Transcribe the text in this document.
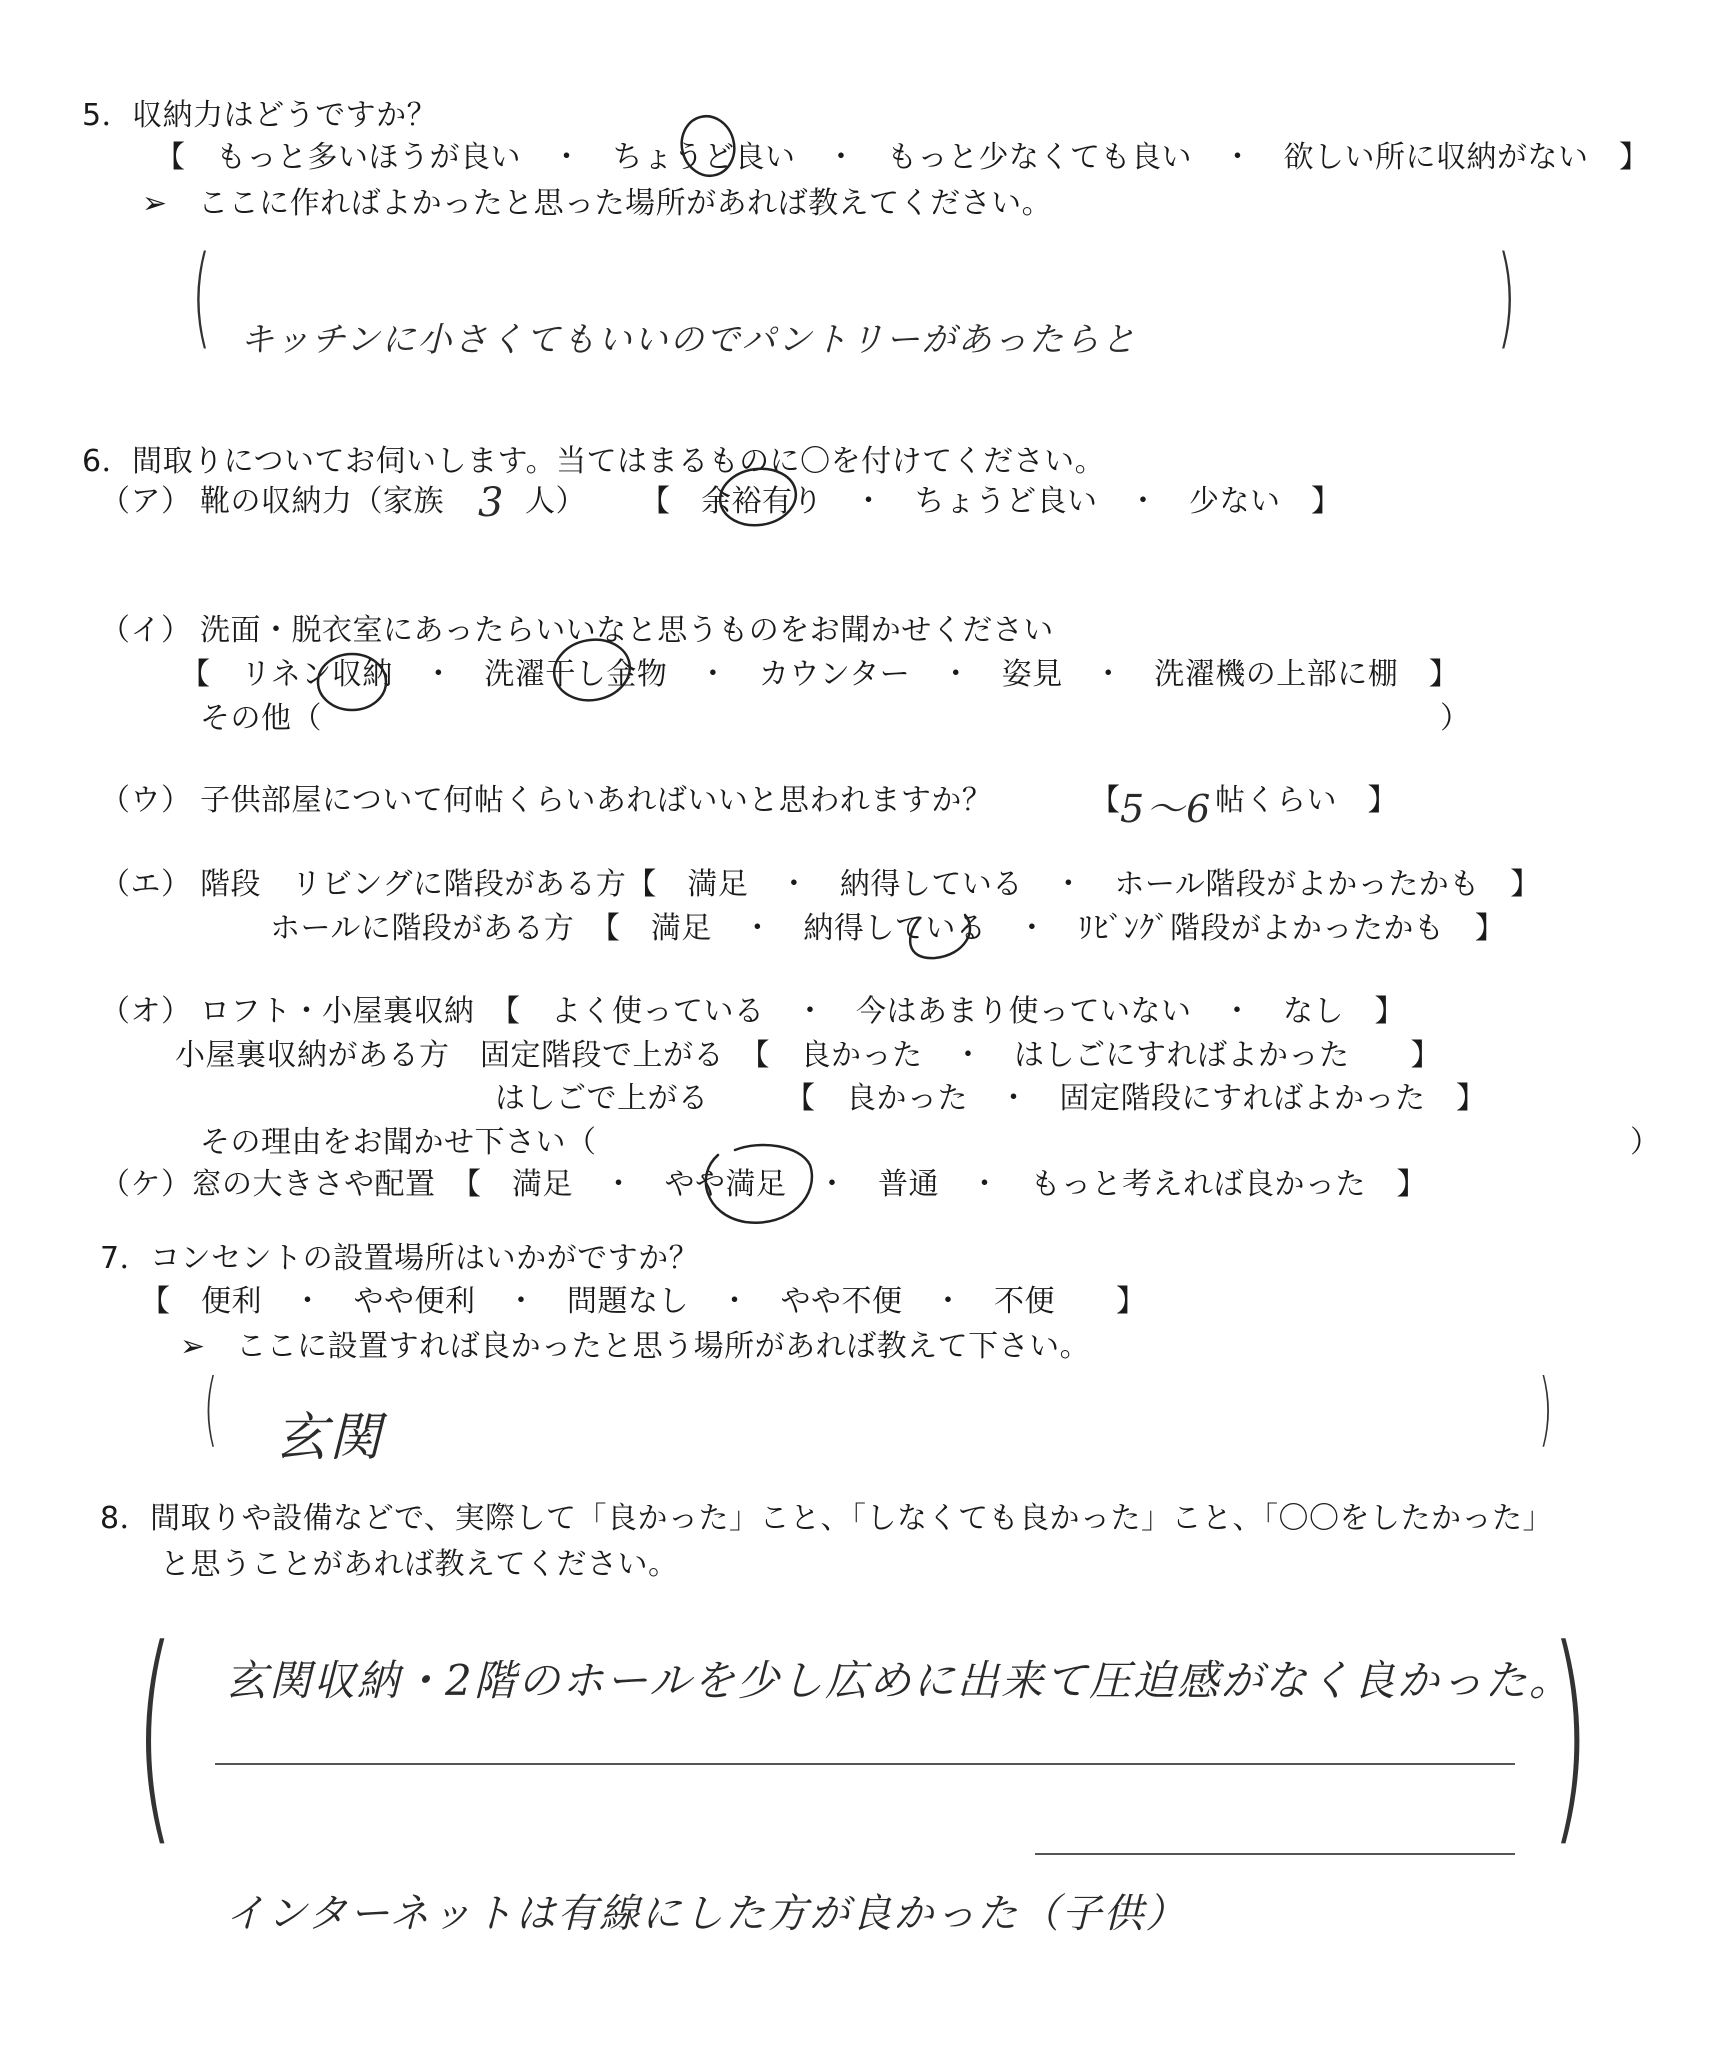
5．収納力はどうですか？
【　もっと多いほうが良い　・　ちょうど良い　・　もっと少なくても良い　・　欲しい所に収納がない　】
➢　ここに作ればよかったと思った場所があれば教えてください。
(	)
キッチンに小さくてもいいのでパントリーがあったらと
6．間取りについてお伺いします。当てはまるものに〇を付けてください。
（ア） 靴の収納力（家族 3 人） 【　余裕有り　・　ちょうど良い　・　少ない　】
（イ） 洗面・脱衣室にあったらいいなと思うものをお聞かせください
【　リネン収納　・　洗濯干し金物　・　カウンター　・　姿見　・　洗濯機の上部に棚　】
その他（	）
（ウ） 子供部屋について何帖くらいあればいいと思われますか？	【 5〜6 帖くらい　】
（エ） 階段　リビングに階段がある方【　満足　・　納得している　・　ホール階段がよかったかも　】
ホールに階段がある方　【　満足　・　納得している　・　ﾘﾋﾞﾝｸﾞ階段がよかったかも　】
（オ） ロフト・小屋裏収納　【　よく使っている　・　今はあまり使っていない　・　なし　】
小屋裏収納がある方　固定階段で上がる　【　良かった　・　はしごにすればよかった　　】
はしごで上がる　　　【　良かった　・　固定階段にすればよかった　】
その理由をお聞かせ下さい（	）
（ケ）窓の大きさや配置　【　満足　・　やや満足　・　普通　・　もっと考えれば良かった　】
7．コンセントの設置場所はいかがですか？
【　便利　・　やや便利　・　問題なし　・　やや不便　・　不便　　】
➢　ここに設置すれば良かったと思う場所があれば教えて下さい。
(	)
玄関
8．間取りや設備などで、実際して「良かった」こと、「しなくても良かった」こと、「〇〇をしたかった」
と思うことがあれば教えてください。
(	)
玄関収納・2階のホールを少し広めに出来て圧迫感がなく良かった。
インターネットは有線にした方が良かった（子供）
